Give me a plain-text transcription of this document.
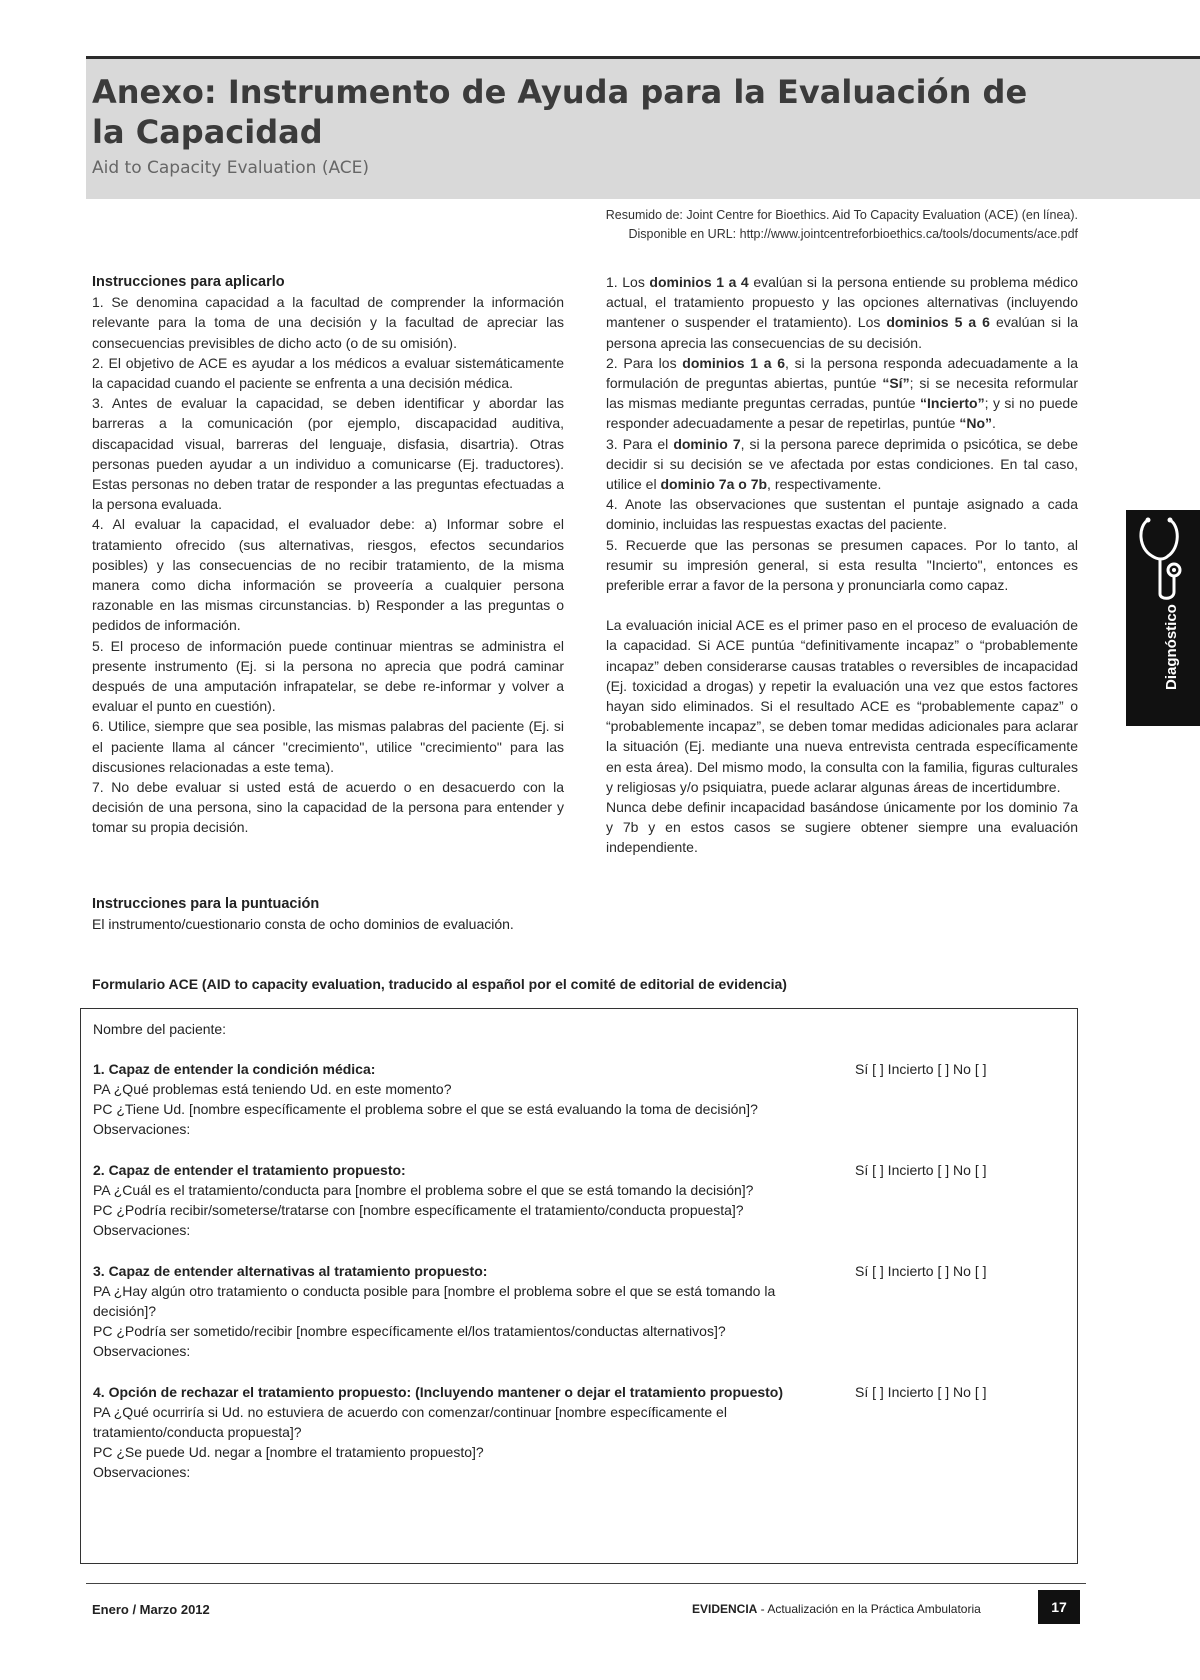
Anexo: Instrumento de Ayuda para la Evaluación de la Capacidad
Aid to Capacity Evaluation (ACE)
Resumido de: Joint Centre for Bioethics. Aid To Capacity Evaluation (ACE) (en línea).
Disponible en URL: http://www.jointcentreforbioethics.ca/tools/documents/ace.pdf

Instrucciones para aplicarlo

1. Se denomina capacidad a la facultad de comprender la información relevante para la toma de una decisión y la facultad de apreciar las consecuencias previsibles de dicho acto (o de su omisión).

2. El objetivo de ACE es ayudar a los médicos a evaluar sistemáticamente la capacidad cuando el paciente se enfrenta a una decisión médica.

3. Antes de evaluar la capacidad, se deben identificar y abordar las barreras a la comunicación (por ejemplo, discapacidad auditiva, discapacidad visual, barreras del lenguaje, disfasia, disartria). Otras personas pueden ayudar a un individuo a comunicarse (Ej. traductores). Estas personas no deben tratar de responder a las preguntas efectuadas a la persona evaluada.

4. Al evaluar la capacidad, el evaluador debe: a) Informar sobre el tratamiento ofrecido (sus alternativas, riesgos, efectos secundarios posibles) y las consecuencias de no recibir tratamiento, de la misma manera como dicha información se proveería a cualquier persona razonable en las mismas circunstancias. b) Responder a las preguntas o pedidos de información.

5. El proceso de información puede continuar mientras se administra el presente instrumento (Ej. si la persona no aprecia que podrá caminar después de una amputación infrapatelar, se debe re-informar y volver a evaluar el punto en cuestión).

6. Utilice, siempre que sea posible, las mismas palabras del paciente (Ej. si el paciente llama al cáncer "crecimiento", utilice "crecimiento" para las discusiones relacionadas a este tema).

7. No debe evaluar si usted está de acuerdo o en desacuerdo con la decisión de una persona, sino la capacidad de la persona para entender y tomar su propia decisión.

Instrucciones para la puntuación

El instrumento/cuestionario consta de ocho dominios de evaluación.

1. Los dominios 1 a 4 evalúan si la persona entiende su problema médico actual, el tratamiento propuesto y las opciones alternativas (incluyendo mantener o suspender el tratamiento). Los dominios 5 a 6 evalúan si la persona aprecia las consecuencias de su decisión.

2. Para los dominios 1 a 6, si la persona responda adecuadamente a la formulación de preguntas abiertas, puntúe “Sí”; si se necesita reformular las mismas mediante preguntas cerradas, puntúe “Incierto”; y si no puede responder adecuadamente a pesar de repetirlas, puntúe “No”.

3. Para el dominio 7, si la persona parece deprimida o psicótica, se debe decidir si su decisión se ve afectada por estas condiciones. En tal caso, utilice el dominio 7a o 7b, respectivamente.

4. Anote las observaciones que sustentan el puntaje asignado a cada dominio, incluidas las respuestas exactas del paciente.

5. Recuerde que las personas se presumen capaces. Por lo tanto, al resumir su impresión general, si esta resulta "Incierto", entonces es preferible errar a favor de la persona y pronunciarla como capaz.

La evaluación inicial ACE es el primer paso en el proceso de evaluación de la capacidad. Si ACE puntúa “definitivamente incapaz” o “probablemente incapaz” deben considerarse causas tratables o reversibles de incapacidad (Ej. toxicidad a drogas) y repetir la evaluación una vez que estos factores hayan sido eliminados. Si el resultado ACE es “probablemente capaz” o “probablemente incapaz”, se deben tomar medidas adicionales para aclarar la situación (Ej. mediante una nueva entrevista centrada específicamente en esta área). Del mismo modo, la consulta con la familia, figuras culturales y religiosas y/o psiquiatra, puede aclarar algunas áreas de incertidumbre.

Nunca debe definir incapacidad basándose únicamente por los dominio 7a y 7b y en estos casos se sugiere obtener siempre una evaluación independiente.

Diagnóstico
Formulario ACE (AID to capacity evaluation, traducido al español por el comité de editorial de evidencia)

Nombre del paciente:

1. Capaz de entender la condición médica:

PA ¿Qué problemas está teniendo Ud. en este momento?

PC ¿Tiene Ud. [nombre específicamente el problema sobre el que se está evaluando la toma de decisión]?

Observaciones:

Sí [ ] Incierto [ ] No [ ]

2. Capaz de entender el tratamiento propuesto:

PA ¿Cuál es el tratamiento/conducta para [nombre el problema sobre el que se está tomando la decisión]?

PC ¿Podría recibir/someterse/tratarse con [nombre específicamente el tratamiento/conducta propuesta]?

Observaciones:

Sí [ ] Incierto [ ] No [ ]

3. Capaz de entender alternativas al tratamiento propuesto:

PA ¿Hay algún otro tratamiento o conducta posible para [nombre el problema sobre el que se está tomando la decisión]?

PC ¿Podría ser sometido/recibir [nombre específicamente el/los tratamientos/conductas alternativos]?

Observaciones:

Sí [ ] Incierto [ ] No [ ]

4. Opción de rechazar el tratamiento propuesto: (Incluyendo mantener o dejar el tratamiento propuesto)

PA ¿Qué ocurriría si Ud. no estuviera de acuerdo con comenzar/continuar [nombre específicamente el tratamiento/conducta propuesta]?

PC ¿Se puede Ud. negar a [nombre el tratamiento propuesto]?

Observaciones:

Sí [ ] Incierto [ ] No [ ]
Enero / Marzo 2012	EVIDENCIA - Actualización en la Práctica Ambulatoria	17
